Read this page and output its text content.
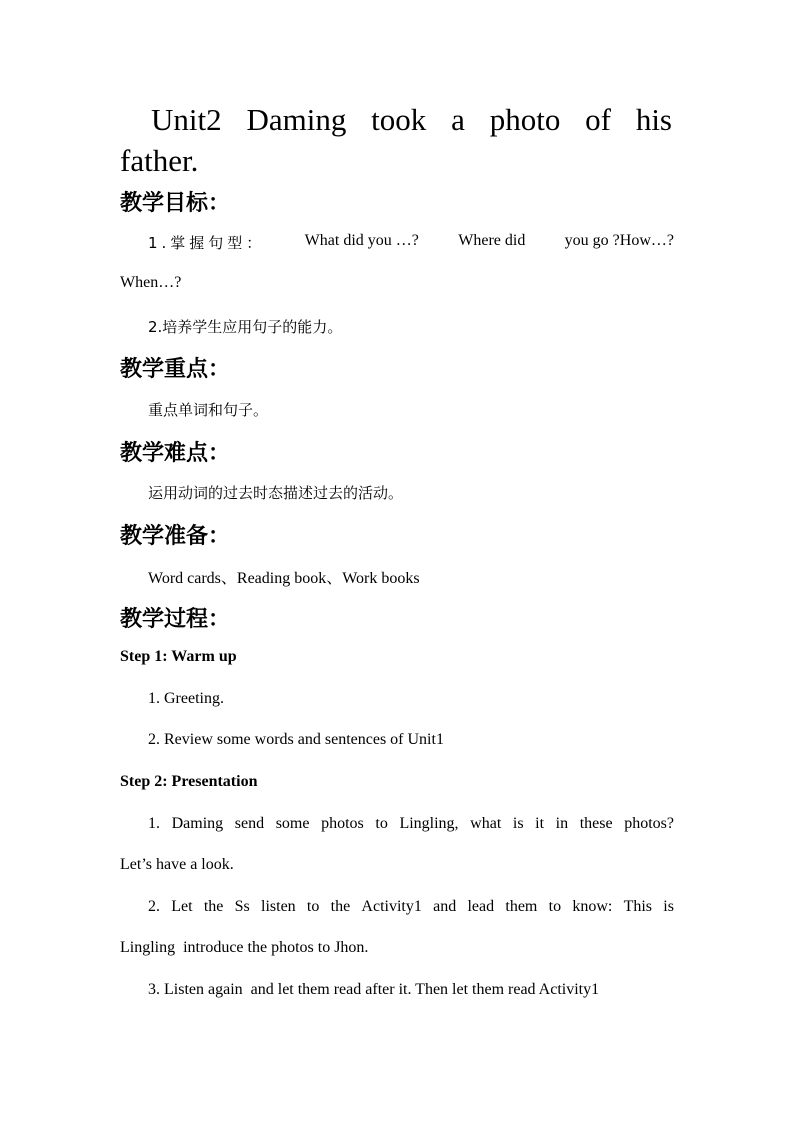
Unit2 Daming took a photo of his
father.
教学目标：
1.掌握句型： What did you …? Where did you go ?How…?
When…?
2.培养学生应用句子的能力。
教学重点：
重点单词和句子。
教学难点：
运用动词的过去时态描述过去的活动。
教学准备：
Word cards、Reading book、Work books
教学过程：
Step 1: Warm up
1. Greeting.
2. Review some words and sentences of Unit1
Step 2: Presentation
1. Daming send some photos to Lingling, what is it in these photos?
Let’s have a look.
2. Let the Ss listen to the Activity1 and lead them to know: This is
Lingling  introduce the photos to Jhon.
3. Listen again  and let them read after it. Then let them read Activity1
